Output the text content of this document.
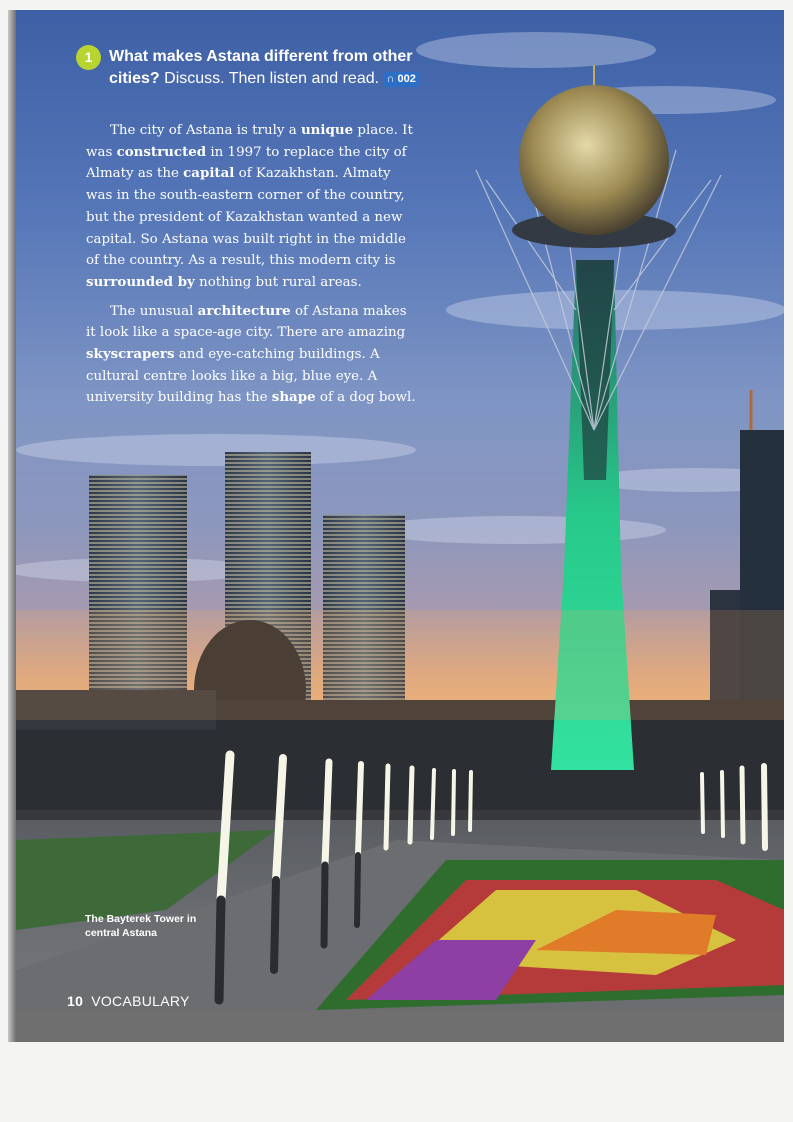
1	What makes Astana different from other cities? Discuss. Then listen and read. ∩ 002

The city of Astana is truly a unique place. It was constructed in 1997 to replace the city of Almaty as the capital of Kazakhstan. Almaty was in the south-eastern corner of the country, but the president of Kazakhstan wanted a new capital. So Astana was built right in the middle of the country. As a result, this modern city is surrounded by nothing but rural areas.

The unusual architecture of Astana makes it look like a space-age city. There are amazing skyscrapers and eye-catching buildings. A cultural centre looks like a big, blue eye. A university building has the shape of a dog bowl.

The Bayterek Tower in central Astana
10 VOCABULARY
